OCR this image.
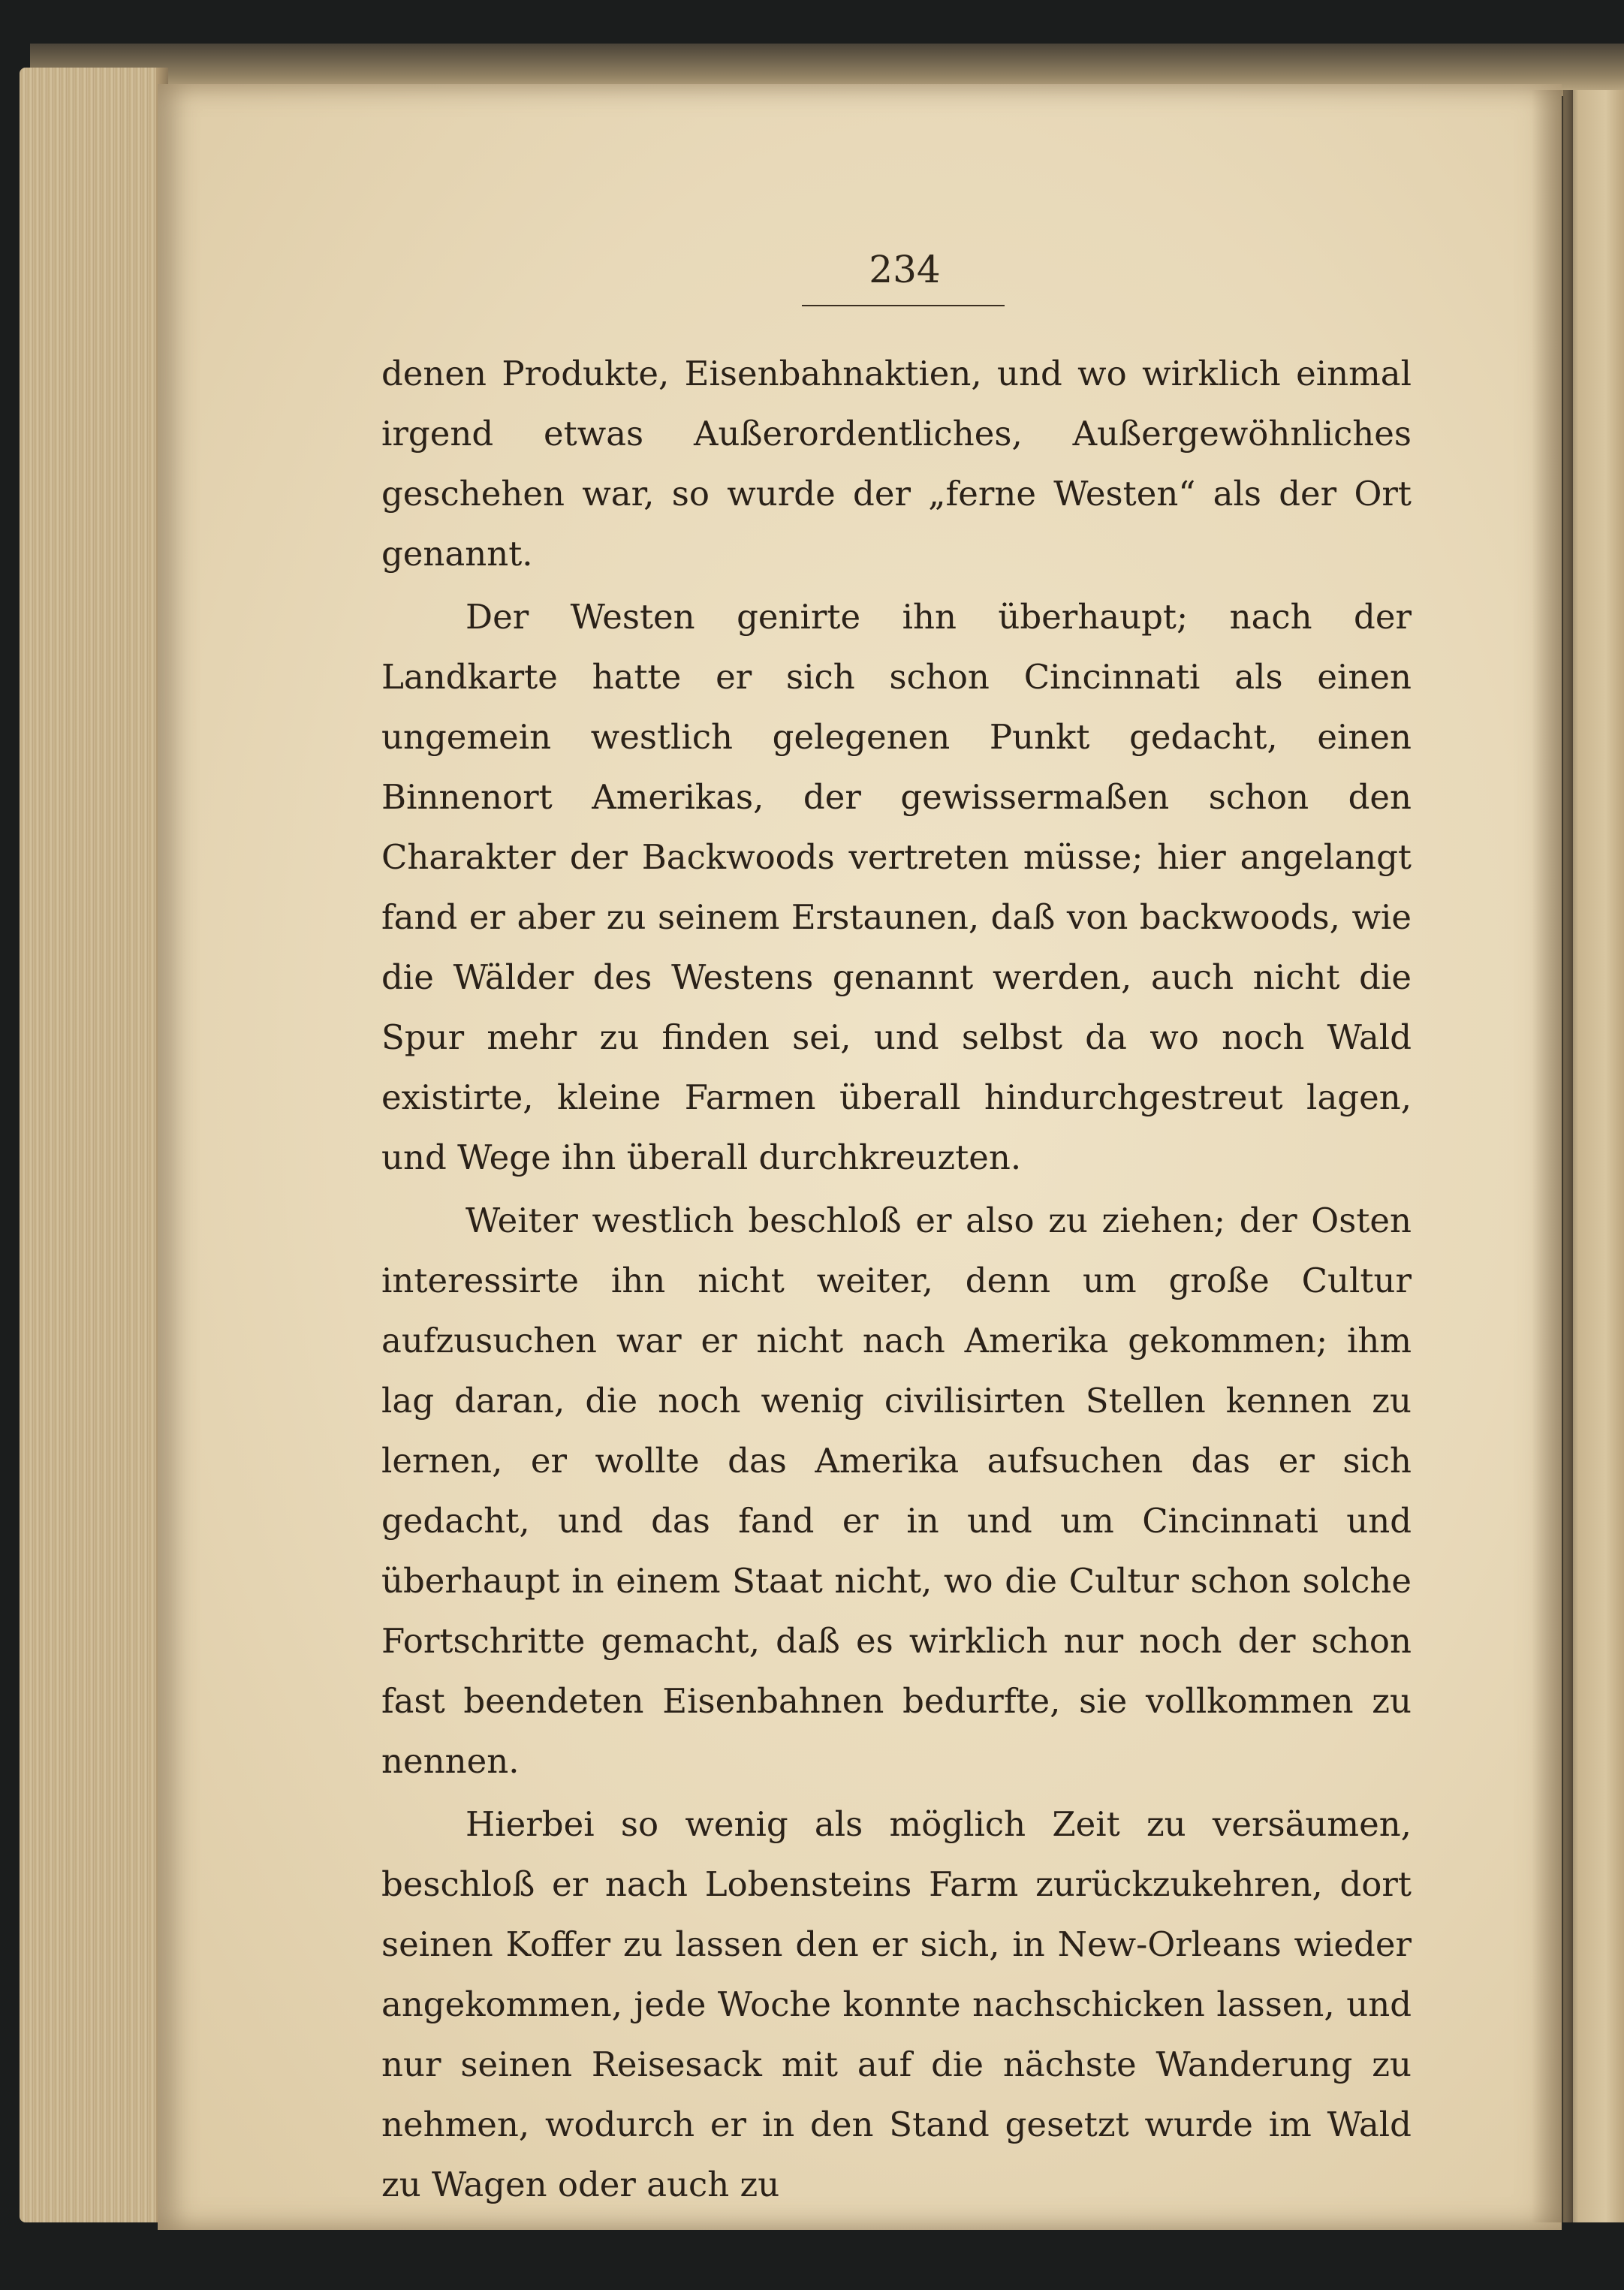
234

denen Produkte, Eisenbahnaktien, und wo wirklich einmal irgend etwas Außerordentliches, Außergewöhnliches geschehen war, so wurde der „ferne Westen“ als der Ort genannt.

Der Westen genirte ihn überhaupt; nach der Landkarte hatte er sich schon Cincinnati als einen ungemein westlich gelegenen Punkt gedacht, einen Binnenort Amerikas, der gewissermaßen schon den Charakter der Backwoods vertreten müsse; hier angelangt fand er aber zu seinem Erstaunen, daß von backwoods, wie die Wälder des Westens genannt werden, auch nicht die Spur mehr zu finden sei, und selbst da wo noch Wald existirte, kleine Farmen überall hindurchgestreut lagen, und Wege ihn überall durchkreuzten.

Weiter westlich beschloß er also zu ziehen; der Osten interessirte ihn nicht weiter, denn um große Cultur aufzusuchen war er nicht nach Amerika gekommen; ihm lag daran, die noch wenig civilisirten Stellen kennen zu lernen, er wollte das Amerika aufsuchen das er sich gedacht, und das fand er in und um Cincinnati und überhaupt in einem Staat nicht, wo die Cultur schon solche Fortschritte gemacht, daß es wirklich nur noch der schon fast beendeten Eisenbahnen bedurfte, sie vollkommen zu nennen.

Hierbei so wenig als möglich Zeit zu versäumen, beschloß er nach Lobensteins Farm zurückzukehren, dort seinen Koffer zu lassen den er sich, in New-Orleans wieder angekommen, jede Woche konnte nachschicken lassen, und nur seinen Reisesack mit auf die nächste Wanderung zu nehmen, wodurch er in den Stand gesetzt wurde im Wald zu Wagen oder auch zu
